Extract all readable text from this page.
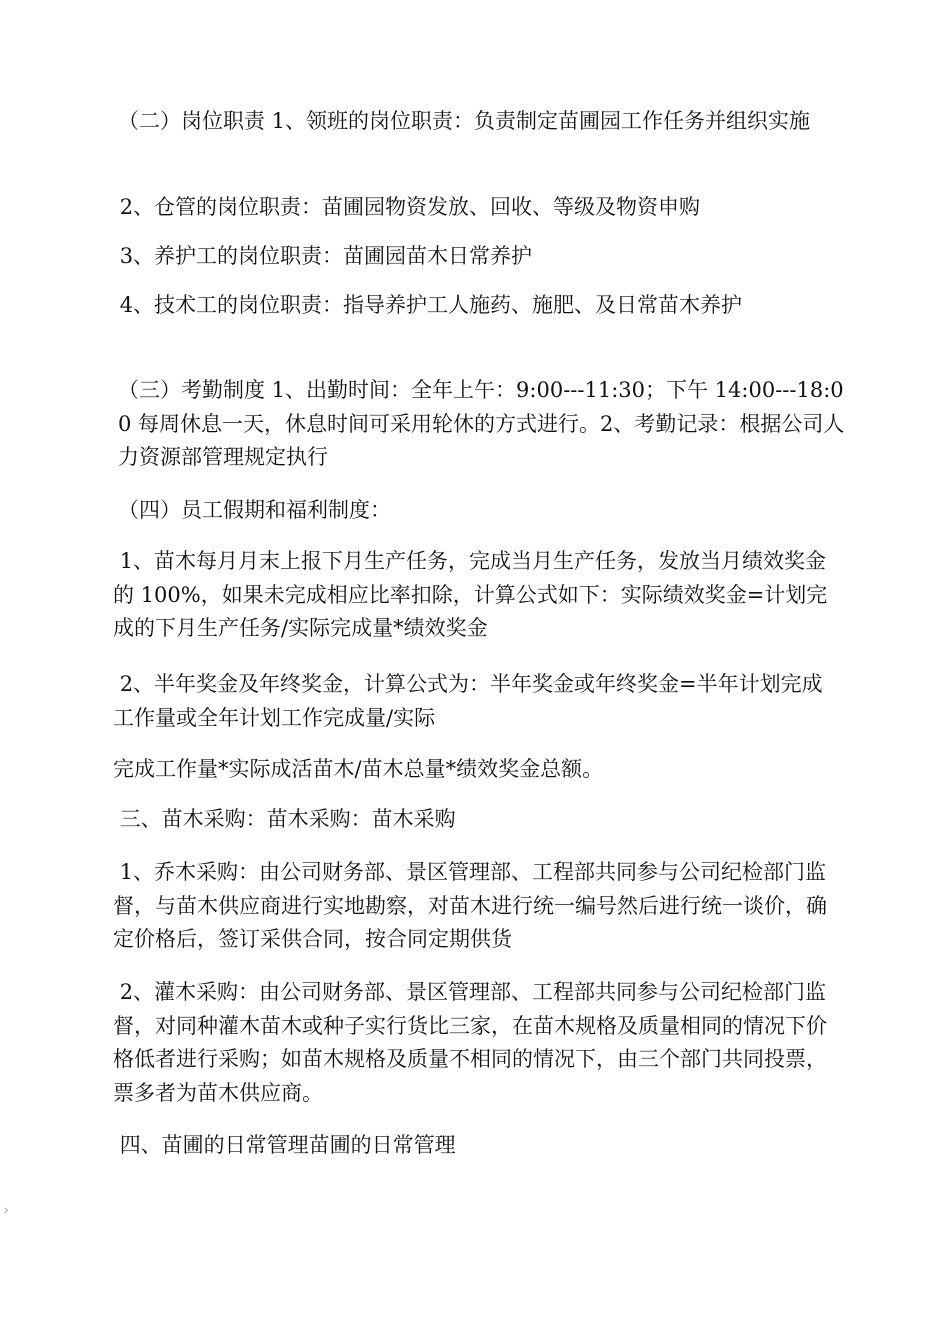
（二）岗位职责 1、领班的岗位职责：负责制定苗圃园工作任务并组织实施

2、仓管的岗位职责：苗圃园物资发放、回收、等级及物资申购

3、养护工的岗位职责：苗圃园苗木日常养护

4、技术工的岗位职责：指导养护工人施药、施肥、及日常苗木养护

（三）考勤制度 1、出勤时间：全年上午：9:00---11:30；下午 14:00---18:00 每周休息一天，休息时间可采用轮休的方式进行。2、考勤记录：根据公司人力资源部管理规定执行

（四）员工假期和福利制度：

1、苗木每月月末上报下月生产任务，完成当月生产任务，发放当月绩效奖金的 100%，如果未完成相应比率扣除，计算公式如下：实际绩效奖金=计划完成的下月生产任务/实际完成量*绩效奖金

2、半年奖金及年终奖金，计算公式为：半年奖金或年终奖金=半年计划完成工作量或全年计划工作完成量/实际

完成工作量*实际成活苗木/苗木总量*绩效奖金总额。

三、苗木采购：苗木采购：苗木采购

1、乔木采购：由公司财务部、景区管理部、工程部共同参与公司纪检部门监督，与苗木供应商进行实地勘察，对苗木进行统一编号然后进行统一谈价，确定价格后，签订采供合同，按合同定期供货

2、灌木采购：由公司财务部、景区管理部、工程部共同参与公司纪检部门监督，对同种灌木苗木或种子实行货比三家，在苗木规格及质量相同的情况下价格低者进行采购；如苗木规格及质量不相同的情况下，由三个部门共同投票，票多者为苗木供应商。

四、苗圃的日常管理苗圃的日常管理

›
